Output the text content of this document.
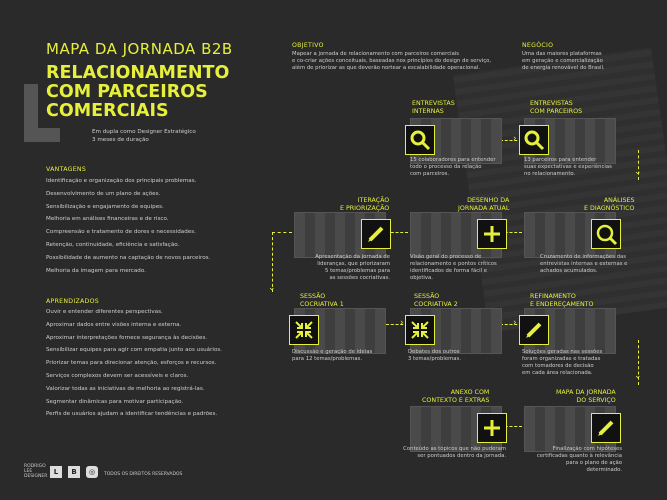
MAPA DA JORNADA B2B
RELACIONAMENTO
COM PARCEIROS
COMERCIAIS
Em dupla como Designer Estratégico
3 meses de duração
VANTAGENS
Identificação e organização dos principais problemas.
Desenvolvimento de um plano de ações.
Sensibilização e engajamento de equipes.
Melhoria em análises financeiras e de risco.
Compreensão e tratamento de dores e necessidades.
Retenção, continuidade, eficiência e satisfação.
Possibilidade de aumento na captação de novos parceiros.
Melhoria da imagem para mercado.
APRENDIZADOS
Ouvir e entender diferentes perspectivas.
Aproximar dados entre visões interna e externa.
Aproximar interpretações fornece segurança às decisões.
Sensibilizar equipes para agir com empatia junto aos usuários.
Priorizar temas para direcionar atenção, esforços e recursos.
Serviços complexos devem ser acessíveis e claros.
Valorizar todas as iniciativas de melhoria ao registrá-las.
Segmentar dinâmicas para motivar participação.
Perfis de usuários ajudam a identificar tendências e padrões.
OBJETIVO
Mapear a jornada de relacionamento com parceiros comerciais
e co-criar ações conceituais, baseadas nos princípios do design de serviço,
além de priorizar as que deverão nortear a escalabilidade operacional.
NEGÓCIO
Uma das maiores plataformas
em geração e comercialização
de energia renovável do Brasil.
›
⌄
⌄
›	›
⌄
ENTREVISTAS
INTERNAS
15 colaboradores para entender
todo o processo da relação
com parceiros.
ENTREVISTAS
COM PARCEIROS
13 parceiros para entender
suas expectativas e experiências
no relacionamento.
ANÁLISES
E DIAGNÓSTICO
Cruzamento de informações das
entrevistas internas e externas e
achados acumulados.
DESENHO DA
JORNADA ATUAL
Visão geral do processo de
relacionamento e pontos críticos
identificados de forma fácil e objetiva.
ITERAÇÃO
E PRIORIZAÇÃO
Apresentação da jornada de
lideranças, que priorizaram
5 temas/problemas para
as sessões cocriativas.
SESSÃO
COCRIATIVA 1
Discussão e geração de ideias
para 12 temas/problemas.
SESSÃO
COCRIATIVA 2
Debates dos outros
3 temas/problemas.
REFINAMENTO
E ENDEREÇAMENTO
Soluções geradas nas sessões
foram organizadas e tratadas
com tomadores de decisão
em cada área relacionada.
MAPA DA JORNADA
DO SERVIÇO
Finalização com hipóteses
certificadas quanto à relevância
para o plano de ação determinado.
ANEXO COM
CONTEXTO E EXTRAS
Conteúdo as tópicos que não puderam
ser pontuados dentro da jornada.
RODRIGO LEE DESIGNER
L	B	◎	TODOS OS DIREITOS RESERVADOS
